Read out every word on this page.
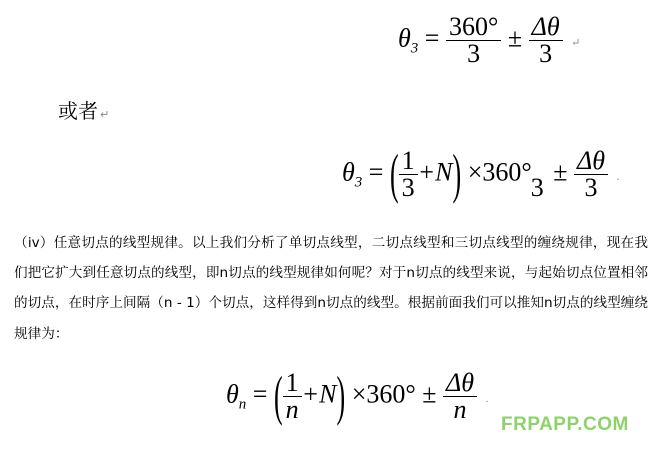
$\theta_3 = \frac{360^\circ}{3} \pm \frac{\Delta\theta}{3}$ ↵
或者 ↵
$\theta_3$ = ( $\frac{1}{3} +N) \times 360^\circ$
3
± $\frac{\Delta\theta}{3}$ .
（iv）任意切点的线型规律。以上我们分析了单切点线型，二切点线型和三切点线型的缠绕规律，现在我们把它扩大到任意切点的线型，即n切点的线型规律如何呢？对于n切点的线型来说，与起始切点位置相邻的切点，在时序上间隔（n - 1）个切点，这样得到n切点的线型。根据前面我们可以推知n切点的线型缠绕规律为：
$\theta_n$ = ( $\frac{1}{n} +N) \times 360^\circ \pm \frac{\Delta\theta}{n}$ .
FRPAPP.COM
